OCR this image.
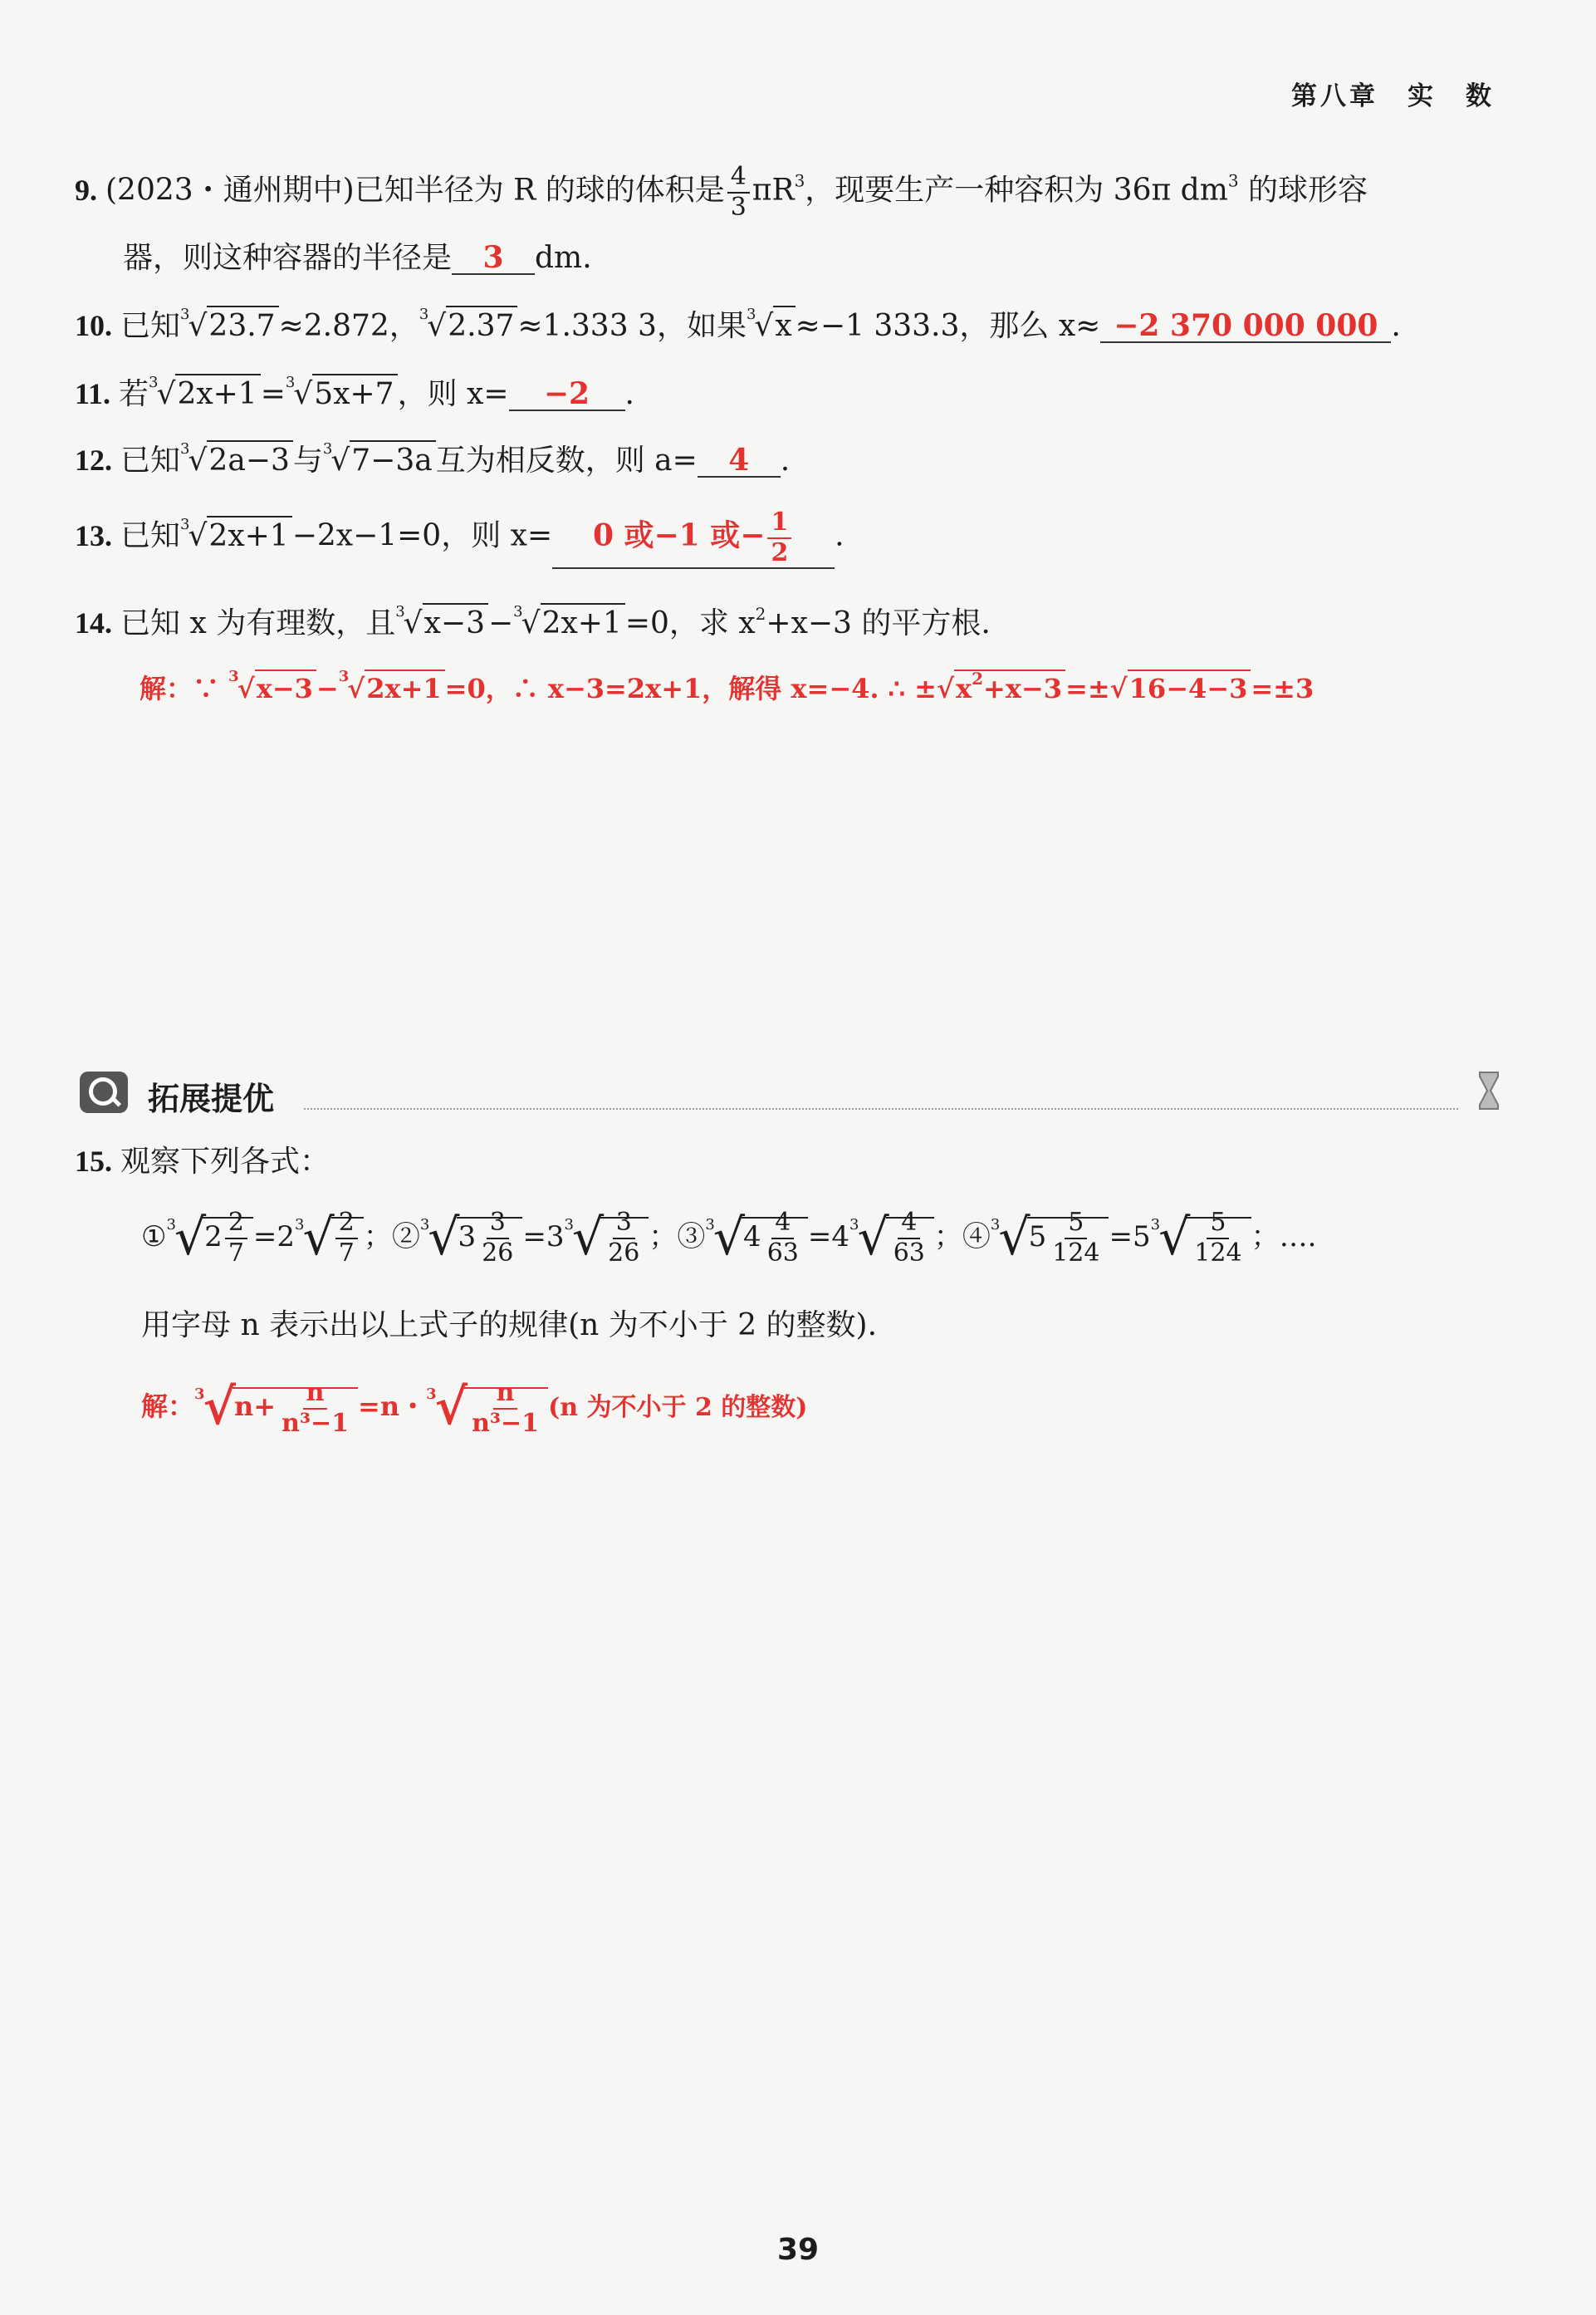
第八章　实　数
9. (2023・通州期中)已知半径为 R 的球的体积是 $\frac{4}{3} \pi R^3$，现要生产一种容积为 36π $dm^3$ 的球形容
器，则这种容器的半径是 3 dm.
10. 已知$^3$√23.7 ≈2.872，$^3$√2.37 ≈1.333 3，如果$^3$√x ≈−1 333.3，那么 x≈ −2 370 000 000 .
11. 若$^3$√2x+1 =$^3$√5x+7 ，则 x= −2 .
12. 已知$^3$√2a−3 与$^3$√7−3a 互为相反数，则 a= 4 .
13. 已知$^3$√2x+1 −2x−1=0，则 x= 0 或−1 或− $\frac{1}{2}$ .
14. 已知 x 为有理数，且$^3$√x−3 −$^3$√2x+1 =0，求 $x^2+x-3$ 的平方根.
解：∵ $^3$√x−3 −$^3$√2x+1 =0，∴ x−3=2x+1，解得 x=−4. ∴ $\pm√x^2+x-3 =\pm√16-4-3 =\pm 3$
拓展提优
15. 观察下列各式：
①$^3$√2 $\frac{2}{7} =2^3√ \frac{2}{7}$ ；②$^3$√3 $\frac{3}{26} =3^3√ \frac{3}{26}$ ；③$^3$√4 $\frac{4}{63} =4^3√ \frac{4}{63}$ ；④$^3$√5 $\frac{5}{124} =5^3√ \frac{5}{124}$ ；….
用字母 n 表示出以上式子的规律(n 为不小于 2 的整数).
解：$^3√n+ \frac{n}{\text{n³−1}} =n$・$^3√ \frac{n}{\text{n³−1}} (n$ 为不小于 2 的整数)
39
